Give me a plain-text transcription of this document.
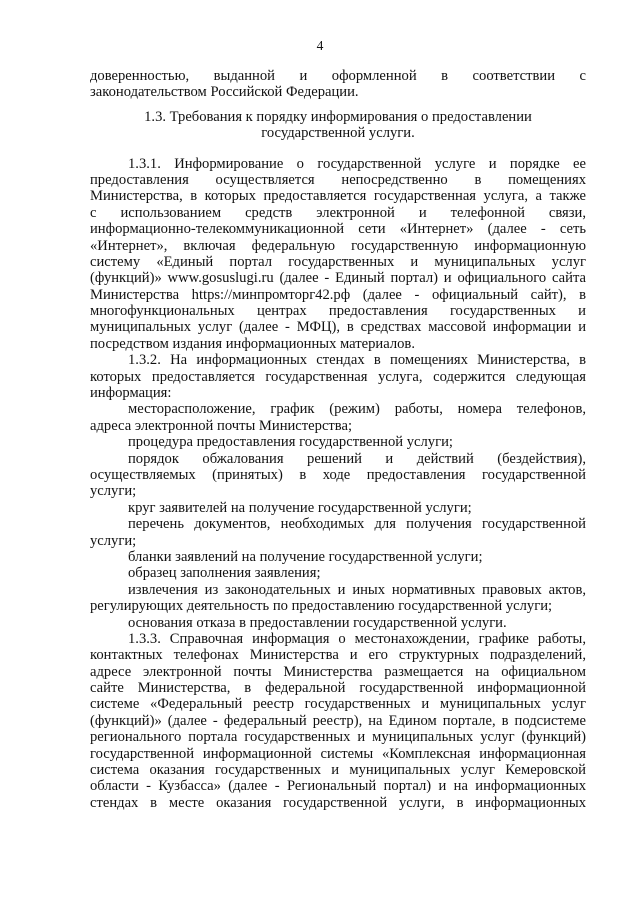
4
доверенностью, выданной и оформленной в соответствии с
законодательством Российской Федерации.
1.3. Требования к порядку информирования о предоставлении
государственной услуги.
1.3.1. Информирование о государственной услуге и порядке ее
предоставления осуществляется непосредственно в помещениях
Министерства, в которых предоставляется государственная услуга, а также
с использованием средств электронной и телефонной связи,
информационно-телекоммуникационной сети «Интернет» (далее - сеть
«Интернет», включая федеральную государственную информационную
систему «Единый портал государственных и муниципальных услуг
(функций)» www.gosuslugi.ru (далее - Единый портал) и официального сайта
Министерства https://минпромторг42.рф (далее - официальный сайт), в
многофункциональных центрах предоставления государственных и
муниципальных услуг (далее - МФЦ), в средствах массовой информации и
посредством издания информационных материалов.
1.3.2. На информационных стендах в помещениях Министерства, в
которых предоставляется государственная услуга, содержится следующая
информация:
месторасположение, график (режим) работы, номера телефонов,
адреса электронной почты Министерства;
процедура предоставления государственной услуги;
порядок обжалования решений и действий (бездействия),
осуществляемых (принятых) в ходе предоставления государственной
услуги;
круг заявителей на получение государственной услуги;
перечень документов, необходимых для получения государственной
услуги;
бланки заявлений на получение государственной услуги;
образец заполнения заявления;
извлечения из законодательных и иных нормативных правовых актов,
регулирующих деятельность по предоставлению государственной услуги;
основания отказа в предоставлении государственной услуги.
1.3.3. Справочная информация о местонахождении, графике работы,
контактных телефонах Министерства и его структурных подразделений,
адресе электронной почты Министерства размещается на официальном
сайте Министерства, в федеральной государственной информационной
системе «Федеральный реестр государственных и муниципальных услуг
(функций)» (далее - федеральный реестр), на Едином портале, в подсистеме
регионального портала государственных и муниципальных услуг (функций)
государственной информационной системы «Комплексная информационная
система оказания государственных и муниципальных услуг Кемеровской
области - Кузбасса» (далее - Региональный портал) и на информационных
стендах в месте оказания государственной услуги, в информационных
